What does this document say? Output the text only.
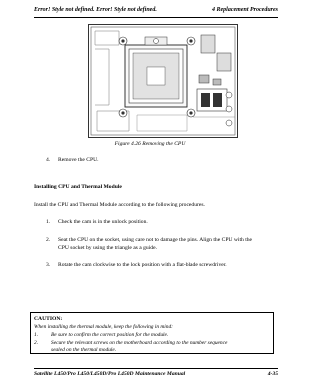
Error! Style not defined. Error! Style not defined.	4 Replacement Procedures
Figure 4.26 Removing the CPU
4. Remove the CPU.
Installing CPU and Thermal Module
Install the CPU and Thermal Module according to the following procedures.
1. Check the cam is in the unlock position.
2. Seat the CPU on the socket, using care not to damage the pins. Align the CPU with the
CPU socket by using the triangle as a guide.
3. Rotate the cam clockwise to the lock position with a flat-blade screwdriver.
CAUTION:
When installing the thermal module, keep the following in mind:
1. Be sure to confirm the correct position for the module.
2. Secure the relevant screws on the motherboard according to the number sequence
sealed on the thermal module.
Satellite L450/Pro L450/L450D/Pro L450D Maintenance Manual	4-35
